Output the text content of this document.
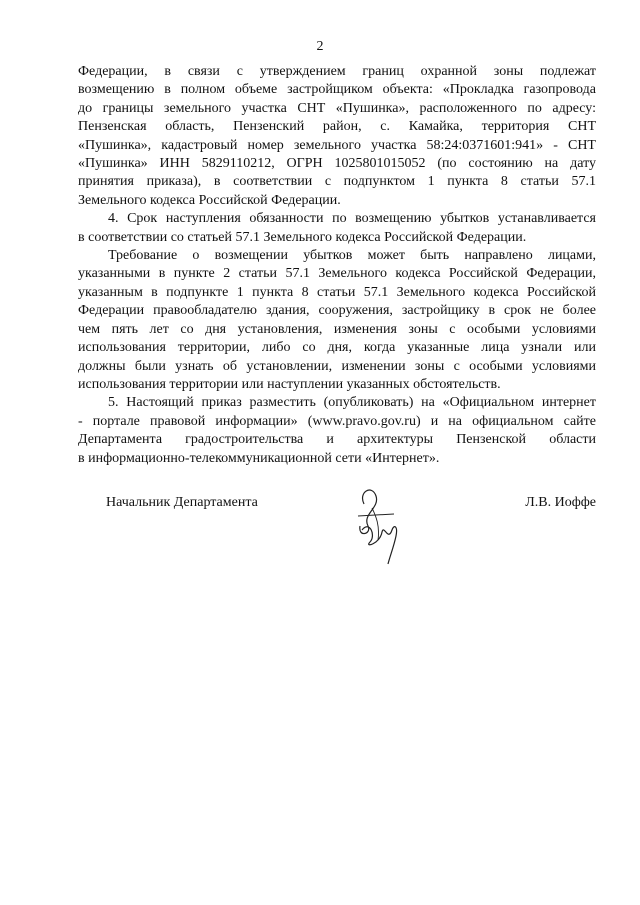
2

Федерации, в связи с утверждением границ охранной зоны подлежат
возмещению в полном объеме застройщиком объекта: «Прокладка газопровода
до границы земельного участка СНТ «Пушинка», расположенного по адресу:
Пензенская область, Пензенский район, с. Камайка, территория СНТ
«Пушинка», кадастровый номер земельного участка 58:24:0371601:941» - СНТ
«Пушинка» ИНН 5829110212, ОГРН 1025801015052 (по состоянию на дату
принятия приказа), в соответствии с подпунктом 1 пункта 8 статьи 57.1
Земельного кодекса Российской Федерации.

4. Срок наступления обязанности по возмещению убытков устанавливается
в соответствии со статьей 57.1 Земельного кодекса Российской Федерации.

Требование о возмещении убытков может быть направлено лицами,
указанными в пункте 2 статьи 57.1 Земельного кодекса Российской Федерации,
указанным в подпункте 1 пункта 8 статьи 57.1 Земельного кодекса Российской
Федерации правообладателю здания, сооружения, застройщику в срок не более
чем пять лет со дня установления, изменения зоны с особыми условиями
использования территории, либо со дня, когда указанные лица узнали или
должны были узнать об установлении, изменении зоны с особыми условиями
использования территории или наступлении указанных обстоятельств.

5. Настоящий приказ разместить (опубликовать) на «Официальном интернет
- портале правовой информации» (www.pravo.gov.ru) и на официальном сайте
Департамента градостроительства и архитектуры Пензенской области
в информационно-телекоммуникационной сети «Интернет».

Начальник Департамента	Л.В. Иоффе
